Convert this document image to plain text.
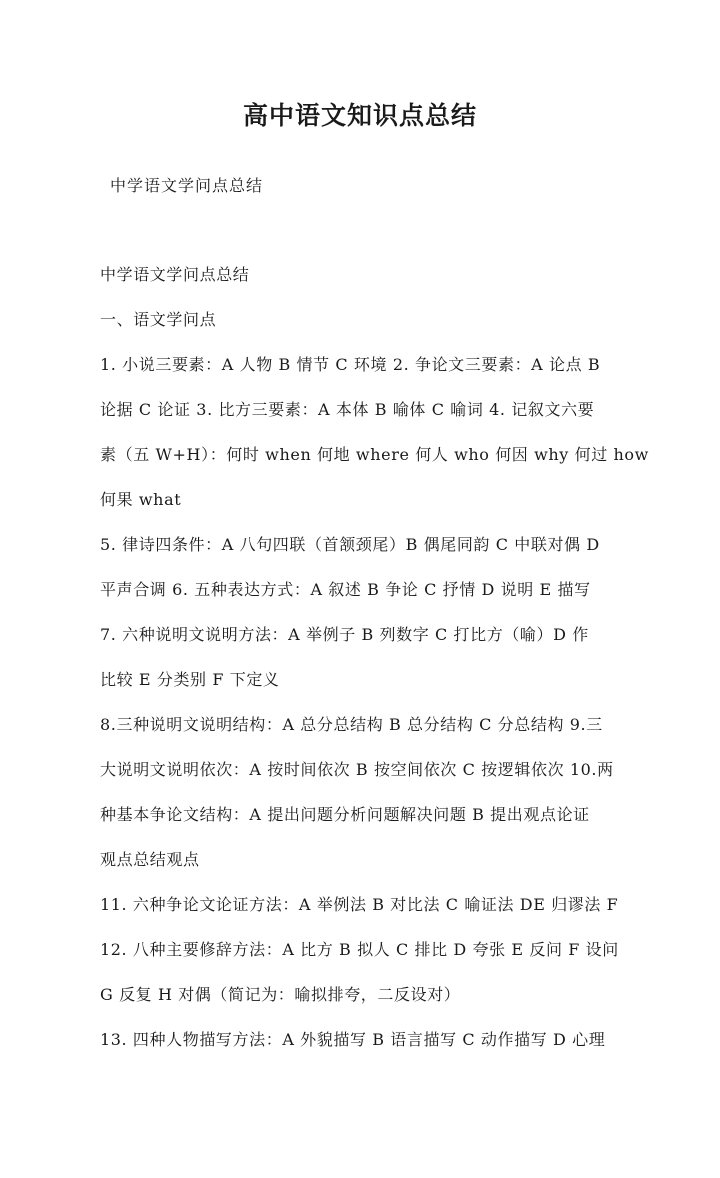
高中语文知识点总结
中学语文学问点总结
中学语文学问点总结
一、语文学问点
1. 小说三要素：A 人物 B 情节 C 环境 2. 争论文三要素：A 论点 B
论据 C 论证 3. 比方三要素：A 本体 B 喻体 C 喻词 4. 记叙文六要
素（五 W+H）：何时 when 何地 where 何人 who 何因 why 何过 how
何果 what
5. 律诗四条件：A 八句四联（首颔颈尾）B 偶尾同韵 C 中联对偶 D
平声合调 6. 五种表达方式：A 叙述 B 争论 C 抒情 D 说明 E 描写
7. 六种说明文说明方法：A 举例子 B 列数字 C 打比方（喻）D 作
比较 E 分类别 F 下定义
8.三种说明文说明结构：A 总分总结构 B 总分结构 C 分总结构 9.三
大说明文说明依次：A 按时间依次 B 按空间依次 C 按逻辑依次 10.两
种基本争论文结构：A 提出问题分析问题解决问题 B 提出观点论证
观点总结观点
11. 六种争论文论证方法：A 举例法 B 对比法 C 喻证法 DE 归谬法 F
12. 八种主要修辞方法：A 比方 B 拟人 C 排比 D 夸张 E 反问 F 设问
G 反复 H 对偶（简记为：喻拟排夸，二反设对）
13. 四种人物描写方法：A 外貌描写 B 语言描写 C 动作描写 D 心理
